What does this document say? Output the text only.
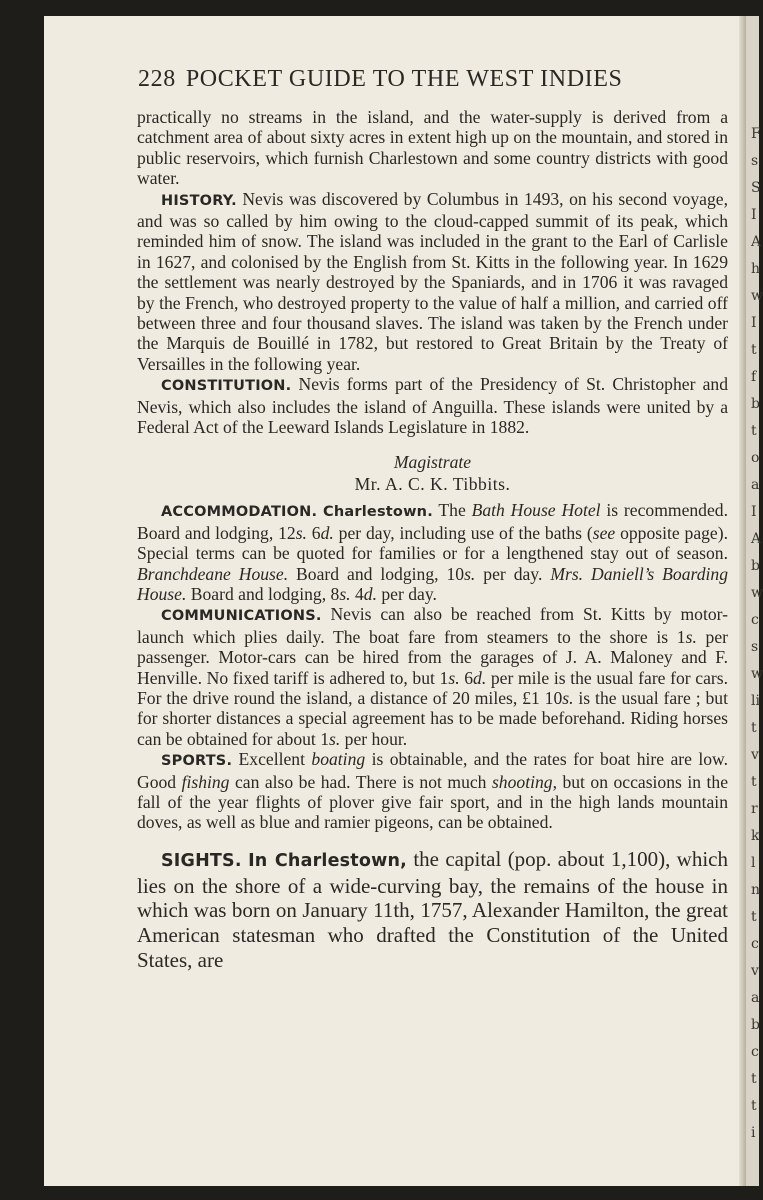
F
s
S
I
A
h
w
I
t
f
b
t
o
a
I
A
b
w
c
s
w
li
t
v
t
r
k
l
n
t
c
v
a
b
c
t
t
i
228 POCKET GUIDE TO THE WEST INDIES

practically no streams in the island, and the water-supply is derived from a catchment area of about sixty acres in extent high up on the mountain, and stored in public reservoirs, which furnish Charlestown and some country districts with good water.

HISTORY. Nevis was discovered by Columbus in 1493, on his second voyage, and was so called by him owing to the cloud-capped summit of its peak, which reminded him of snow. The island was included in the grant to the Earl of Carlisle in 1627, and colonised by the English from St. Kitts in the following year. In 1629 the settlement was nearly destroyed by the Spaniards, and in 1706 it was ravaged by the French, who destroyed property to the value of half a million, and carried off between three and four thousand slaves. The island was taken by the French under the Marquis de Bouillé in 1782, but restored to Great Britain by the Treaty of Versailles in the following year.

CONSTITUTION. Nevis forms part of the Presidency of St. Christopher and Nevis, which also includes the island of Anguilla. These islands were united by a Federal Act of the Leeward Islands Legislature in 1882.

Magistrate

Mr. A. C. K. Tibbits.

ACCOMMODATION. Charlestown. The Bath House Hotel is recommended. Board and lodging, 12s. 6d. per day, including use of the baths (see opposite page). Special terms can be quoted for families or for a lengthened stay out of season. Branchdeane House. Board and lodging, 10s. per day. Mrs. Daniell’s Boarding House. Board and lodging, 8s. 4d. per day.

COMMUNICATIONS. Nevis can also be reached from St. Kitts by motor-launch which plies daily. The boat fare from steamers to the shore is 1s. per passenger. Motor-cars can be hired from the garages of J. A. Maloney and F. Henville. No fixed tariff is adhered to, but 1s. 6d. per mile is the usual fare for cars. For the drive round the island, a distance of 20 miles, £1 10s. is the usual fare ; but for shorter distances a special agreement has to be made beforehand. Riding horses can be obtained for about 1s. per hour.

SPORTS. Excellent boating is obtainable, and the rates for boat hire are low. Good fishing can also be had. There is not much shooting, but on occasions in the fall of the year flights of plover give fair sport, and in the high lands mountain doves, as well as blue and ramier pigeons, can be obtained.

SIGHTS. In Charlestown, the capital (pop. about 1,100), which lies on the shore of a wide-curving bay, the remains of the house in which was born on January 11th, 1757, Alexander Hamilton, the great American statesman who drafted the Constitution of the United States, are
